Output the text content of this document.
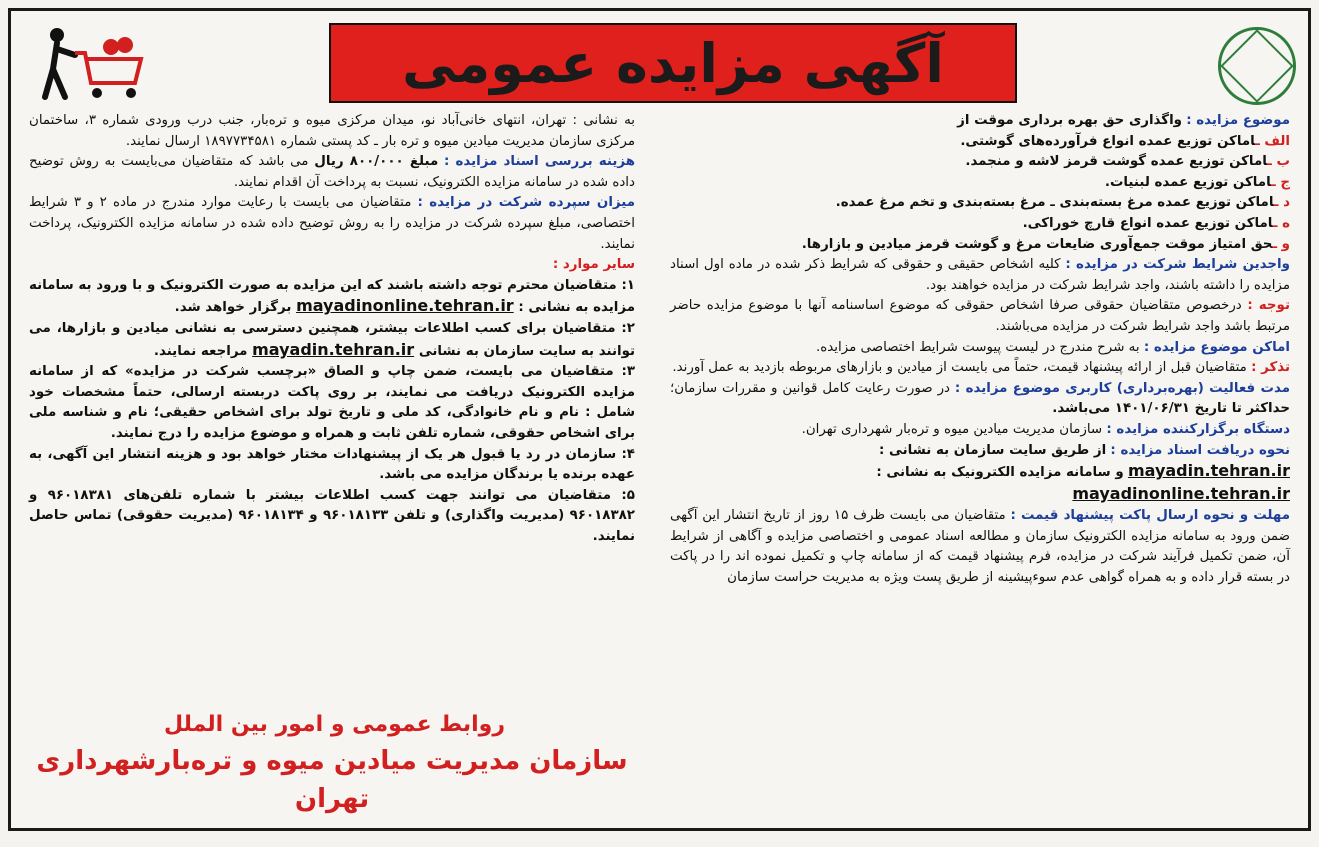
آگهی مزایده عمومی

موضوع مزایده : واگذاری حق بهره برداری موقت از

الف ـاماکن توزیع عمده انواع فرآورده‌های گوشتی.

ب ـاماکن توزیع عمده گوشت قرمز لاشه و منجمد.

ج ـاماکن توزیع عمده لبنیات.

د ـاماکن توزیع عمده مرغ بسته‌بندی ـ مرغ بسته‌بندی و تخم مرغ عمده.

ه ـاماکن توزیع عمده انواع قارچ خوراکی.

و ـحق امتیاز موقت جمع‌آوری ضایعات مرغ و گوشت قرمز میادین و بازارها.

واجدین شرایط شرکت در مزایده : کلیه اشخاص حقیقی و حقوقی که شرایط ذکر شده در ماده اول اسناد مزایده را داشته باشند، واجد شرایط شرکت در مزایده خواهند بود.

توجه : درخصوص متقاضیان حقوقی صرفا اشخاص حقوقی که موضوع اساسنامه آنها با موضوع مزایده حاضر مرتبط باشد واجد شرایط شرکت در مزایده می‌باشند.

اماکن موضوع مزایده : به شرح مندرج در لیست پیوست شرایط اختصاصی مزایده.

تذکر : متقاضیان قبل از ارائه پیشنهاد قیمت، حتماً می بایست از میادین و بازارهای مربوطه بازدید به عمل آورند.

مدت فعالیت (بهره‌برداری) کاربری موضوع مزایده : در صورت رعایت کامل قوانین و مقررات سازمان؛ حداکثر تا تاریخ ۱۴۰۱/۰۶/۳۱ می‌باشد.

دستگاه برگزارکننده مزایده : سازمان مدیریت میادین میوه و تره‌بار شهرداری تهران.

نحوه دریافت اسناد مزایده : از طریق سایت سازمان به نشانی :

mayadin.tehran.ir و سامانه مزایده الکترونیک به نشانی :

mayadinonline.tehran.ir

مهلت و نحوه ارسال پاکت پیشنهاد قیمت : متقاضیان می بایست ظرف ۱۵ روز از تاریخ انتشار این آگهی ضمن ورود به سامانه مزایده الکترونیک سازمان و مطالعه اسناد عمومی و اختصاصی مزایده و آگاهی از شرایط آن، ضمن تکمیل فرآیند شرکت در مزایده، فرم پیشنهاد قیمت که از سامانه چاپ و تکمیل نموده اند را در پاکت در بسته قرار داده و به همراه گواهی عدم سوءپیشینه از طریق پست ویژه به مدیریت حراست سازمان

به نشانی : تهران، انتهای خانی‌آباد نو، میدان مرکزی میوه و تره‌بار، جنب درب ورودی شماره ۳، ساختمان مرکزی سازمان مدیریت میادین میوه و تره بار ـ کد پستی شماره ۱۸۹۷۷۳۴۵۸۱ ارسال نمایند.

هزینه بررسی اسناد مزایده : مبلغ ۸۰۰/۰۰۰ ریال می باشد که متقاضیان می‌بایست به روش توضیح داده شده در سامانه مزایده الکترونیک، نسبت به پرداخت آن اقدام نمایند.

میزان سپرده شرکت در مزایده : متقاضیان می بایست با رعایت موارد مندرج در ماده ۲ و ۳ شرایط اختصاصی، مبلغ سپرده شرکت در مزایده را به روش توضیح داده شده در سامانه مزایده الکترونیک، پرداخت نمایند.

سایر موارد :

۱: متقاضیان محترم توجه داشته باشند که این مزایده به صورت الکترونیک و با ورود به سامانه مزایده به نشانی : mayadinonline.tehran.ir برگزار خواهد شد.

۲: متقاضیان برای کسب اطلاعات بیشتر، همچنین دسترسی به نشانی میادین و بازارها، می توانند به سایت سازمان به نشانی mayadin.tehran.ir مراجعه نمایند.

۳: متقاضیان می بایست، ضمن چاپ و الصاق «برچسب شرکت در مزایده» که از سامانه مزایده الکترونیک دریافت می نمایند، بر روی پاکت دربسته ارسالی، حتماً مشخصات خود شامل : نام و نام خانوادگی، کد ملی و تاریخ تولد برای اشخاص حقیقی؛ نام و شناسه ملی برای اشخاص حقوقی، شماره تلفن ثابت و همراه و موضوع مزایده را درج نمایند.

۴: سازمان در رد یا قبول هر یک از پیشنهادات مختار خواهد بود و هزینه انتشار این آگهی، به عهده برنده یا برندگان مزایده می باشد.

۵: متقاضیان می توانند جهت کسب اطلاعات بیشتر با شماره تلفن‌های ۹۶۰۱۸۳۸۱ و ۹۶۰۱۸۳۸۲ (مدیریت واگذاری) و تلفن ۹۶۰۱۸۱۳۳ و ۹۶۰۱۸۱۳۴ (مدیریت حقوقی) تماس حاصل نمایند.

روابط عمومی و امور بین الملل
سازمان مدیریت میادین میوه و تره‌بارشهرداری تهران
